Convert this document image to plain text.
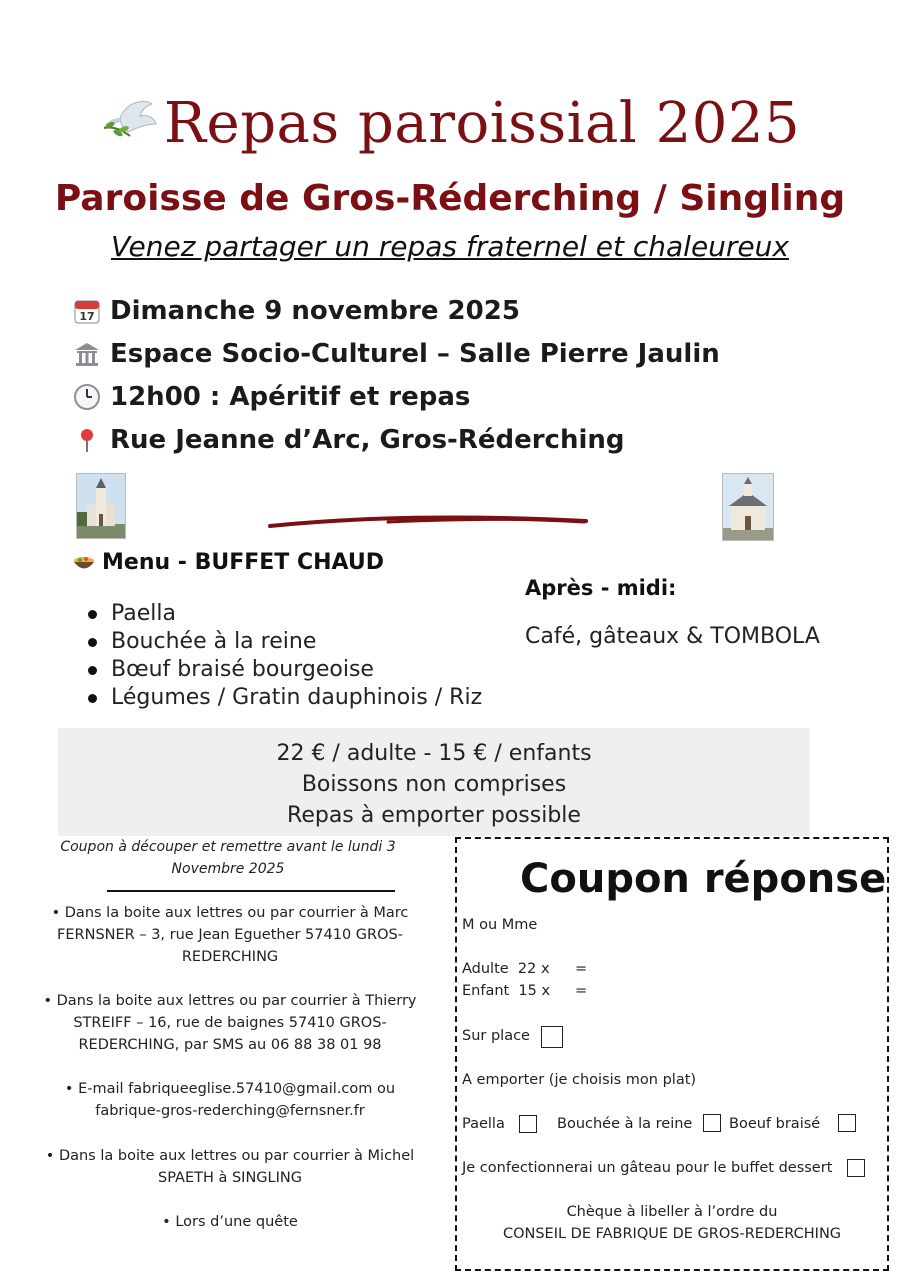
Repas paroissial 2025
Paroisse de Gros-Réderching / Singling
Venez partager un repas fraternel et chaleureux
17 Dimanche 9 novembre 2025
Espace Socio-Culturel – Salle Pierre Jaulin
12h00 : Apéritif et repas
Rue Jeanne d’Arc, Gros-Réderching
Menu - BUFFET CHAUD
Paella
Bouchée à la reine
Bœuf braisé bourgeoise
Légumes / Gratin dauphinois / Riz
Après - midi:
Café, gâteaux & TOMBOLA
22 € / adulte - 15 € / enfants
Boissons non comprises
Repas à emporter possible
Coupon à découper et remettre avant le lundi 3 Novembre 2025
• Dans la boite aux lettres ou par courrier à Marc FERNSNER – 3, rue Jean Eguether 57410 GROS-REDERCHING
• Dans la boite aux lettres ou par courrier à Thierry STREIFF – 16, rue de baignes 57410 GROS-REDERCHING, par SMS au 06 88 38 01 98
• E-mail fabriqueeglise.57410@gmail.com ou fabrique-gros-rederching@fernsner.fr
• Dans la boite aux lettres ou par courrier à Michel SPAETH à SINGLING
• Lors d’une quête
Coupon réponse
M ou Mme
Adulte  22 x =
Enfant  15 x =
Sur place
A emporter (je choisis mon plat)
Paella	Bouchée à la reine	Boeuf braisé
Je confectionnerai un gâteau pour le buffet dessert
Chèque à libeller à l’ordre du
CONSEIL DE FABRIQUE DE GROS-REDERCHING
